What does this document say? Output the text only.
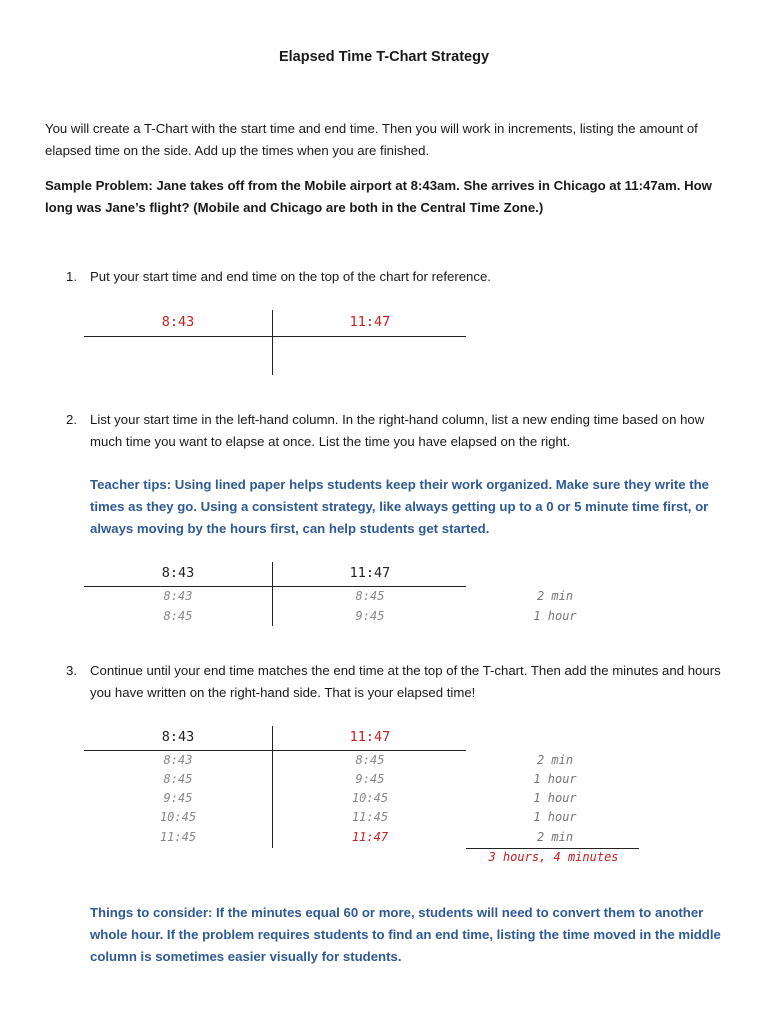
Elapsed Time T-Chart Strategy
You will create a T-Chart with the start time and end time. Then you will work in increments, listing the amount of elapsed time on the side. Add up the times when you are finished.
Sample Problem: Jane takes off from the Mobile airport at 8:43am. She arrives in Chicago at 11:47am. How long was Jane’s flight? (Mobile and Chicago are both in the Central Time Zone.)
1. Put your start time and end time on the top of the chart for reference.
8:43	11:47
2. List your start time in the left-hand column. In the right-hand column, list a new ending time based on how much time you want to elapse at once. List the time you have elapsed on the right.
Teacher tips: Using lined paper helps students keep their work organized. Make sure they write the times as they go. Using a consistent strategy, like always getting up to a 0 or 5 minute time first, or always moving by the hours first, can help students get started.
8:43	11:47
8:43	8:45	2 min
8:45	9:45	1 hour
3. Continue until your end time matches the end time at the top of the T-chart. Then add the minutes and hours you have written on the right-hand side. That is your elapsed time!
8:43	11:47
8:43	8:45	2 min
8:45	9:45	1 hour
9:45	10:45	1 hour
10:45	11:45	1 hour
11:45	11:47	2 min
3 hours, 4 minutes
Things to consider: If the minutes equal 60 or more, students will need to convert them to another whole hour. If the problem requires students to find an end time, listing the time moved in the middle column is sometimes easier visually for students.
